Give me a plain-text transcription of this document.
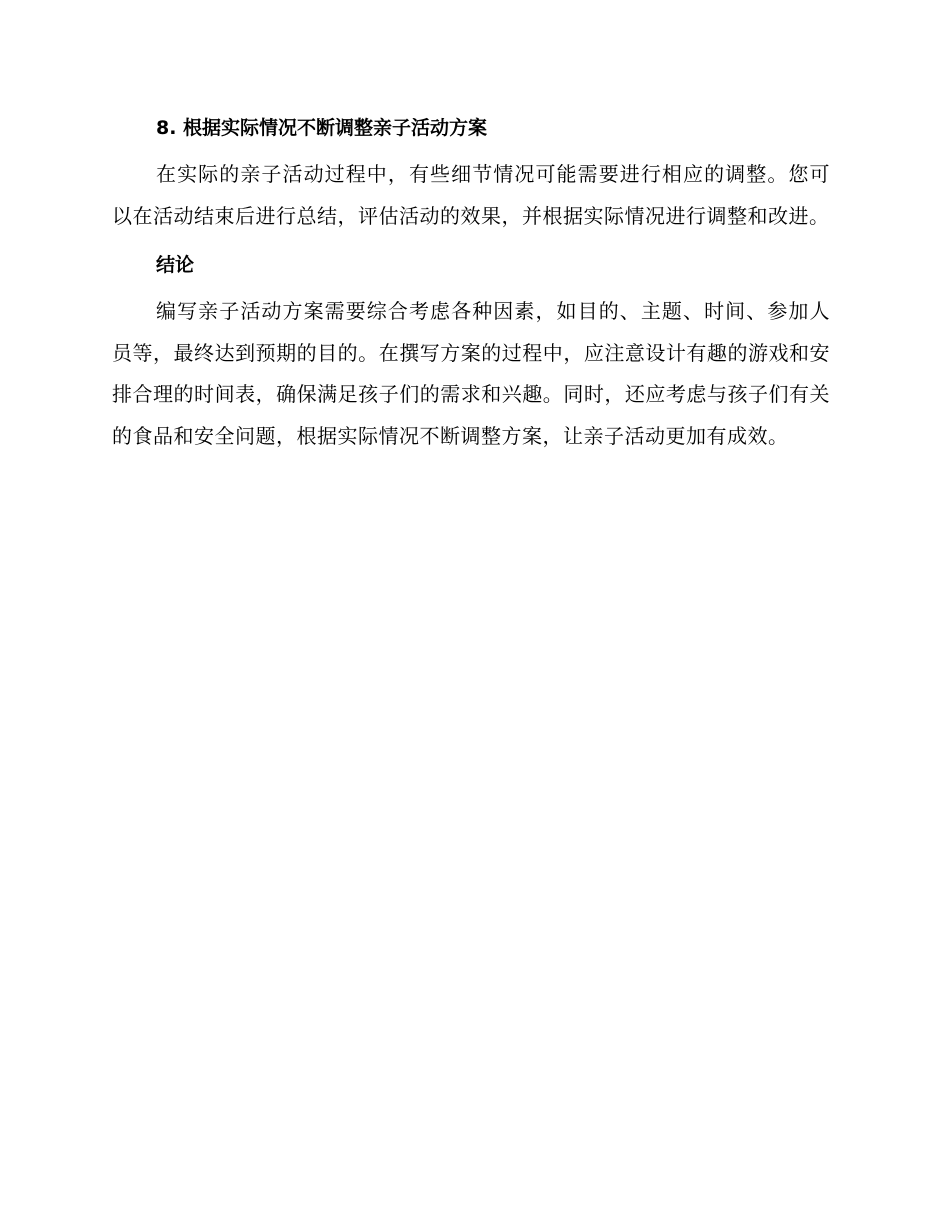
8. 根据实际情况不断调整亲子活动方案

在实际的亲子活动过程中，有些细节情况可能需要进行相应的调整。您可以在活动结束后进行总结，评估活动的效果，并根据实际情况进行调整和改进。

结论

编写亲子活动方案需要综合考虑各种因素，如目的、主题、时间、参加人员等，最终达到预期的目的。在撰写方案的过程中，应注意设计有趣的游戏和安排合理的时间表，确保满足孩子们的需求和兴趣。同时，还应考虑与孩子们有关的食品和安全问题，根据实际情况不断调整方案，让亲子活动更加有成效。
